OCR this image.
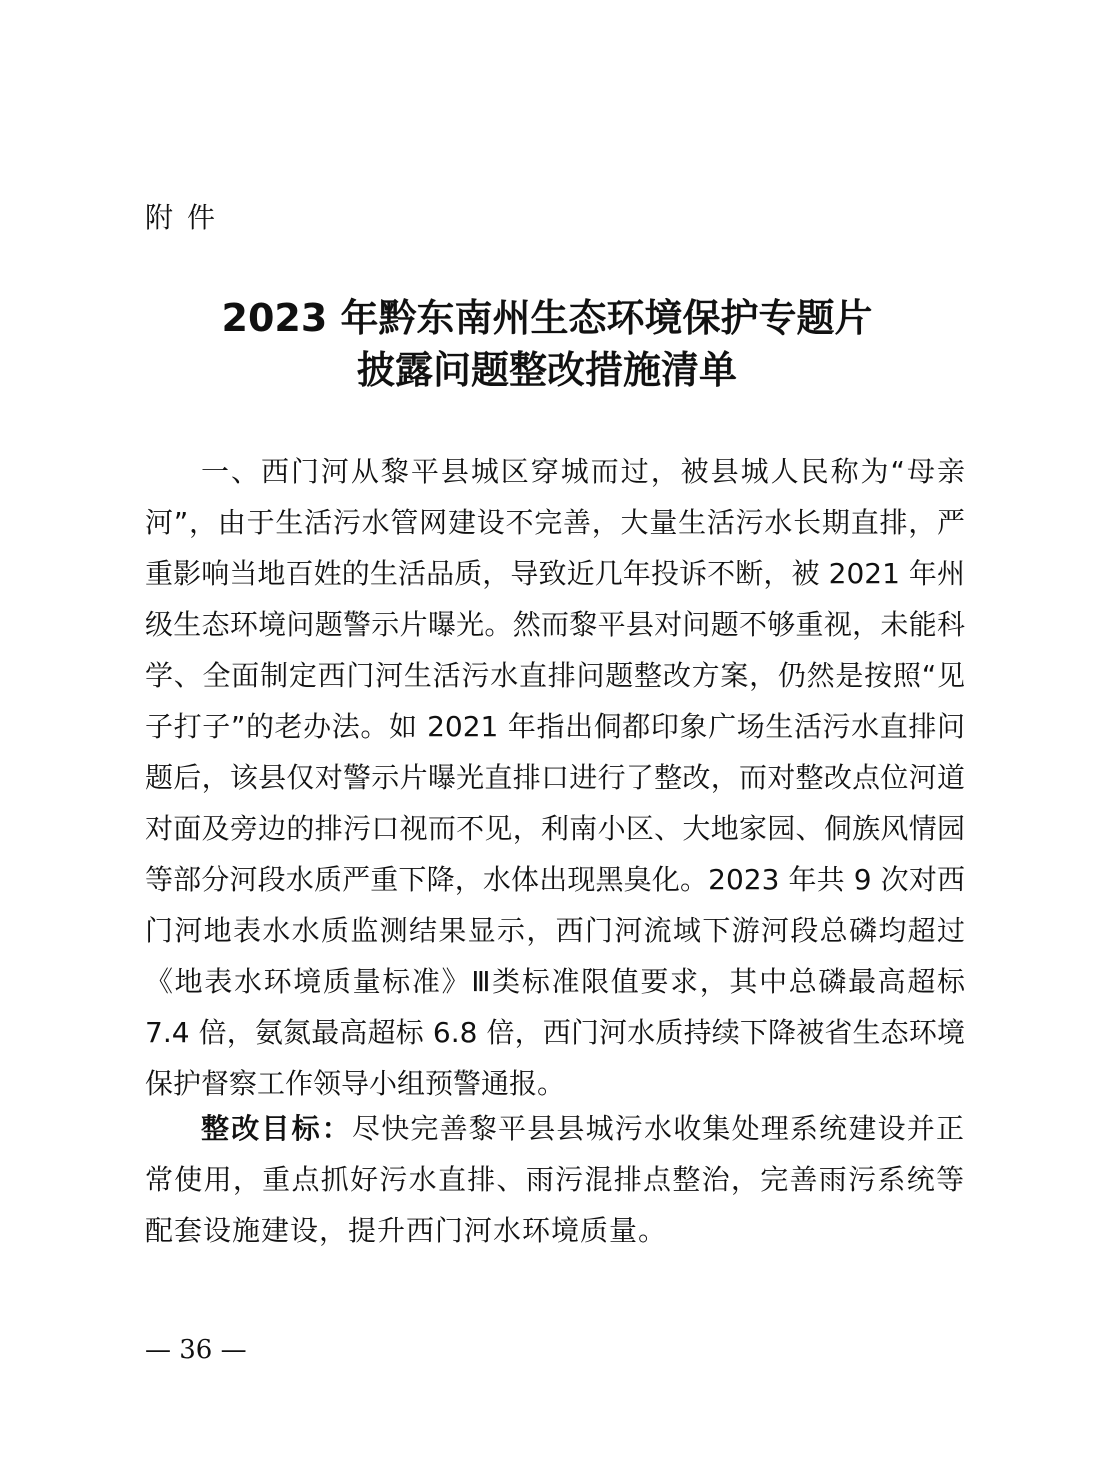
附件
2023 年黔东南州生态环境保护专题片
披露问题整改措施清单
一、西门河从黎平县城区穿城而过，被县城人民称为“母亲河”，由于生活污水管网建设不完善，大量生活污水长期直排，严重影响当地百姓的生活品质，导致近几年投诉不断，被 2021 年州级生态环境问题警示片曝光。然而黎平县对问题不够重视，未能科学、全面制定西门河生活污水直排问题整改方案，仍然是按照“见子打子”的老办法。如 2021 年指出侗都印象广场生活污水直排问题后，该县仅对警示片曝光直排口进行了整改，而对整改点位河道对面及旁边的排污口视而不见，利南小区、大地家园、侗族风情园等部分河段水质严重下降，水体出现黑臭化。2023 年共 9 次对西门河地表水水质监测结果显示，西门河流域下游河段总磷均超过《地表水环境质量标准》Ⅲ类标准限值要求，其中总磷最高超标 7.4 倍，氨氮最高超标 6.8 倍，西门河水质持续下降被省生态环境保护督察工作领导小组预警通报。
整改目标：尽快完善黎平县县城污水收集处理系统建设并正常使用，重点抓好污水直排、雨污混排点整治，完善雨污系统等配套设施建设，提升西门河水环境质量。
— 36 —
